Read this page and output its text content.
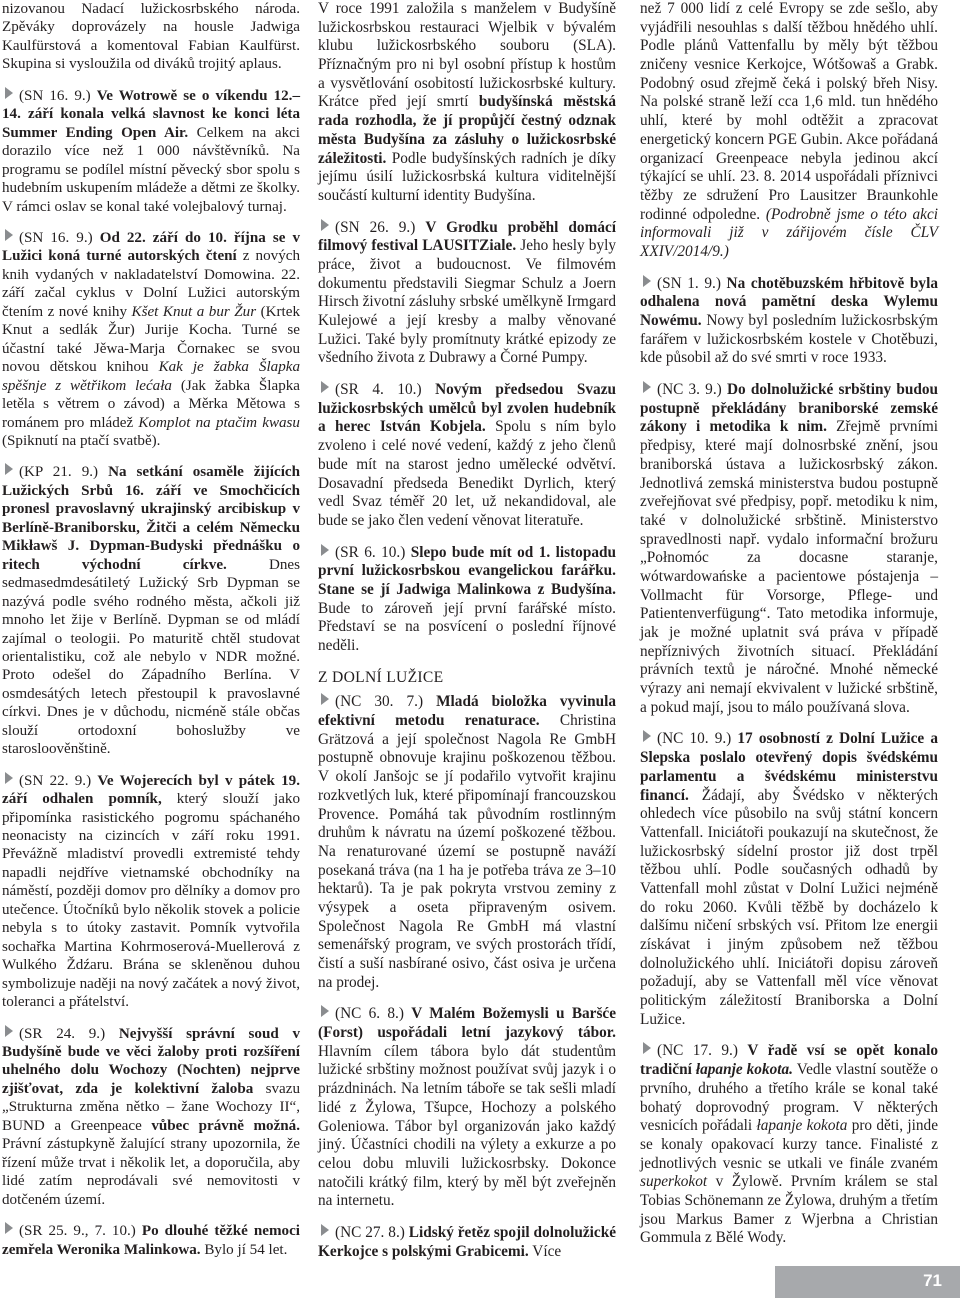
nizovanou Nadací lužickosrbského národa. Zpěváky doprovázely na housle Jadwiga Kaulfürstová a komentoval Fabian Kaulfürst. Skupina si vysloužila od diváků trojitý aplaus.

(SN 16. 9.) Ve Wotrowě se o víkendu 12.–14. září konala velká slavnost ke konci léta Summer Ending Open Air. Celkem na akci dorazilo více než 1 000 návštěvníků. Na programu se podílel místní pěvecký sbor spolu s hudebním uskupením mládeže a dětmi ze školky. V rámci oslav se konal také volejbalový turnaj.

(SN 16. 9.) Od 22. září do 10. října se v Lužici koná turné autorských čtení z nových knih vydaných v nakladatelství Domowina. 22. září začal cyklus v Dolní Lužici autorským čtením z nové knihy Kšet Knut a bur Žur (Krtek Knut a sedlák Žur) Jurije Kocha. Turné se účastní také Jěwa-Marja Čornakec se svou novou dětskou knihou Kak je žabka Šlapka spěšnje z wětřikom lećała (Jak žabka Šlapka letěla s větrem o závod) a Měrka Mětowa s románem pro mládež Komplot na ptačim kwasu (Spiknutí na ptačí svatbě).

(KP 21. 9.) Na setkání osaměle žijících Lužických Srbů 16. září ve Smochčicích pronesl pravoslavný ukrajinský arcibiskup v Berlíně-Braniborsku, Žitči a celém Německu Mikławš J. Dypman-Budyski přednášku o ritech východní církve. Dnes sedmasedmdesátiletý Lužický Srb Dypman se nazývá podle svého rodného města, ačkoli již mnoho let žije v Berlíně. Dypman se od mládí zajímal o teologii. Po maturitě chtěl studovat orientalistiku, což ale nebylo v NDR možné. Proto odešel do Západního Berlína. V osmdesátých letech přestoupil k pravoslavné církvi. Dnes je v důchodu, nicméně stále občas slouží ortodoxní bohoslužby ve starosloověnštině.

(SN 22. 9.) Ve Wojerecích byl v pátek 19. září odhalen pomník, který slouží jako připomínka rasistického pogromu spáchaného neonacisty na cizincích v září roku 1991. Převážně mladiství provedli extremisté tehdy napadli nejdříve vietnamské obchodníky na náměstí, později domov pro dělníky a domov pro utečence. Útočníků bylo několik stovek a policie nebyla s to útoky zastavit. Pomník vytvořila sochařka Martina Kohrmoserová-Muellerová z Wulkého Ždźaru. Brána se skleněnou duhou symbolizuje naději na nový začátek a nový život, toleranci a přátelství.

(SR 24. 9.) Nejvyšší správní soud v Budyšíně bude ve věci žaloby proti rozšíření uhelného dolu Wochozy (Nochten) nejprve zjišťovat, zda je kolektivní žaloba svazu „Strukturna změna nětko – žane Wochozy II“, BUND a Greenpeace vůbec právně možná. Právní zástupkyně žalující strany upozornila, že řízení může trvat i několik let, a doporučila, aby lidé zatím neprodávali své nemovitosti v dotčeném území.

(SR 25. 9., 7. 10.) Po dlouhé těžké nemoci zemřela Weronika Malinkowa. Bylo jí 54 let.

V roce 1991 založila s manželem v Budyšíně lužickosrbskou restauraci Wjelbik v bývalém klubu lužickosrbského souboru (SLA). Příznačným pro ni byl osobní přístup k hostům a vysvětlování osobitostí lužickosrbské kultury. Krátce před její smrtí budyšínská městská rada rozhodla, že jí propůjčí čestný odznak města Budyšína za zásluhy o lužickosrbské záležitosti. Podle budyšínských radních je díky jejímu úsilí lužickosrbská kultura viditelnější součástí kulturní identity Budyšína.

(SN 26. 9.) V Grodku proběhl domácí filmový festival LAUSITZiale. Jeho hesly byly práce, život a budoucnost. Ve filmovém dokumentu představili Siegmar Schulz a Joern Hirsch životní zásluhy srbské umělkyně Irmgard Kulejowé a její kresby a malby věnované Lužici. Také byly promítnuty krátké epizody ze všedního života z Dubrawy a Čorné Pumpy.

(SR 4. 10.) Novým předsedou Svazu lužickosrbských umělců byl zvolen hudebník a herec István Kobjela. Spolu s ním bylo zvoleno i celé nové vedení, každý z jeho členů bude mít na starost jedno umělecké odvětví. Dosavadní předseda Benedikt Dyrlich, který vedl Svaz téměř 20 let, už nekandidoval, ale bude se jako člen vedení věnovat literatuře.

(SR 6. 10.) Slepo bude mít od 1. listopadu první lužickosrbskou evangelickou farářku. Stane se jí Jadwiga Malinkowa z Budyšína. Bude to zároveň její první farářské místo. Představí se na posvícení o poslední říjnové neděli.

Z DOLNÍ LUŽICE

(NC 30. 7.) Mladá bioložka vyvinula efektivní metodu renaturace. Christina Grätzová a její společnost Nagola Re GmbH postupně obnovuje krajinu poškozenou těžbou. V okolí Janšojc se jí podařilo vytvořit krajinu rozkvetlých luk, které připomínají francouzskou Provence. Pomáhá tak původním rostlinným druhům k návratu na území poškozené těžbou. Na renaturované území se postupně naváží posekaná tráva (na 1 ha je potřeba tráva ze 3–10 hektarů). Ta je pak pokryta vrstvou zeminy z výsypek a oseta připraveným osivem. Společnost Nagola Re GmbH má vlastní semenářský program, ve svých prostorách třídí, čistí a suší nasbírané osivo, část osiva je určena na prodej.

(NC 6. 8.) V Malém Božemysli u Baršće (Forst) uspořádali letní jazykový tábor. Hlavním cílem tábora bylo dát studentům lužické srbštiny možnost používat svůj jazyk i o prázdninách. Na letním táboře se tak sešli mladí lidé z Žylowa, Tšupce, Hochozy a polského Goleniowa. Tábor byl organizován jako každý jiný. Účastníci chodili na výlety a exkurze a po celou dobu mluvili lužickosrbsky. Dokonce natočili krátký film, který by měl být zveřejněn na internetu.

(NC 27. 8.) Lidský řetěz spojil dolnolužické Kerkojce s polskými Grabicemi. Více

než 7 000 lidí z celé Evropy se zde sešlo, aby vyjádřili nesouhlas s další těžbou hnědého uhlí. Podle plánů Vattenfallu by měly být těžbou zničeny vesnice Kerkojce, Wótšowaš a Grabk. Podobný osud zřejmě čeká i polský břeh Nisy. Na polské straně leží cca 1,6 mld. tun hnědého uhlí, které by mohl odtěžit a zpracovat energetický koncern PGE Gubin. Akce pořádaná organizací Greenpeace nebyla jedinou akcí týkající se uhlí. 23. 8. 2014 uspořádali příznivci těžby ze sdružení Pro Lausitzer Braunkohle rodinné odpoledne. (Podrobně jsme o této akci informovali již v zářijovém čísle ČLV XXIV/2014/9.)

(SN 1. 9.) Na chotěbuzském hřbitově byla odhalena nová pamětní deska Wylemu Nowému. Nowy byl posledním lužickosrbským farářem v lužickosrbském kostele v Chotěbuzi, kde působil až do své smrti v roce 1933.

(NC 3. 9.) Do dolnolužické srbštiny budou postupně překládány braniborské zemské zákony i metodika k nim. Zřejmě prvními předpisy, které mají dolnosrbské znění, jsou braniborská ústava a lužickosrbský zákon. Jednotlivá zemská ministerstva budou postupně zveřejňovat své předpisy, popř. metodiku k nim, také v dolnolužické srbštině. Ministerstvo spravedlnosti např. vydalo informační brožuru „Połnomóc za docasne staranje, wótwardowańske a pacientowe póstajenja – Vollmacht für Vorsorge, Pflege- und Patientenverfügung“. Tato metodika informuje, jak je možné uplatnit svá práva v případě nepříznivých životních situací. Překládání právních textů je náročné. Mnohé německé výrazy ani nemají ekvivalent v lužické srbštině, a pokud mají, jsou to málo používaná slova.

(NC 10. 9.) 17 osobností z Dolní Lužice a Slepska poslalo otevřený dopis švédskému parlamentu a švédskému ministerstvu financí. Žádají, aby Švédsko v některých ohledech více působilo na svůj státní koncern Vattenfall. Iniciátoři poukazují na skutečnost, že lužickosrbský sídelní prostor již dost trpěl těžbou uhlí. Podle současných odhadů by Vattenfall mohl zůstat v Dolní Lužici nejméně do roku 2060. Kvůli těžbě by docházelo k dalšímu ničení srbských vsí. Přitom lze energii získávat i jiným způsobem než těžbou dolnolužického uhlí. Iniciátoři dopisu zároveň požadují, aby se Vattenfall měl více věnovat politickým záležitostí Braniborska a Dolní Lužice.

(NC 17. 9.) V řadě vsí se opět konalo tradiční łapanje kokota. Vedle vlastní soutěže o prvního, druhého a třetího krále se konal také bohatý doprovodný program. V některých vesnicích pořádali łapanje kokota pro děti, jinde se konaly opakovací kurzy tance. Finalisté z jednotlivých vesnic se utkali ve finále zvaném superkokot v Žylowě. Prvním králem se stal Tobias Schönemann ze Žylowa, druhým a třetím jsou Markus Bamer z Wjerbna a Christian Gommula z Bělé Wody.

71
